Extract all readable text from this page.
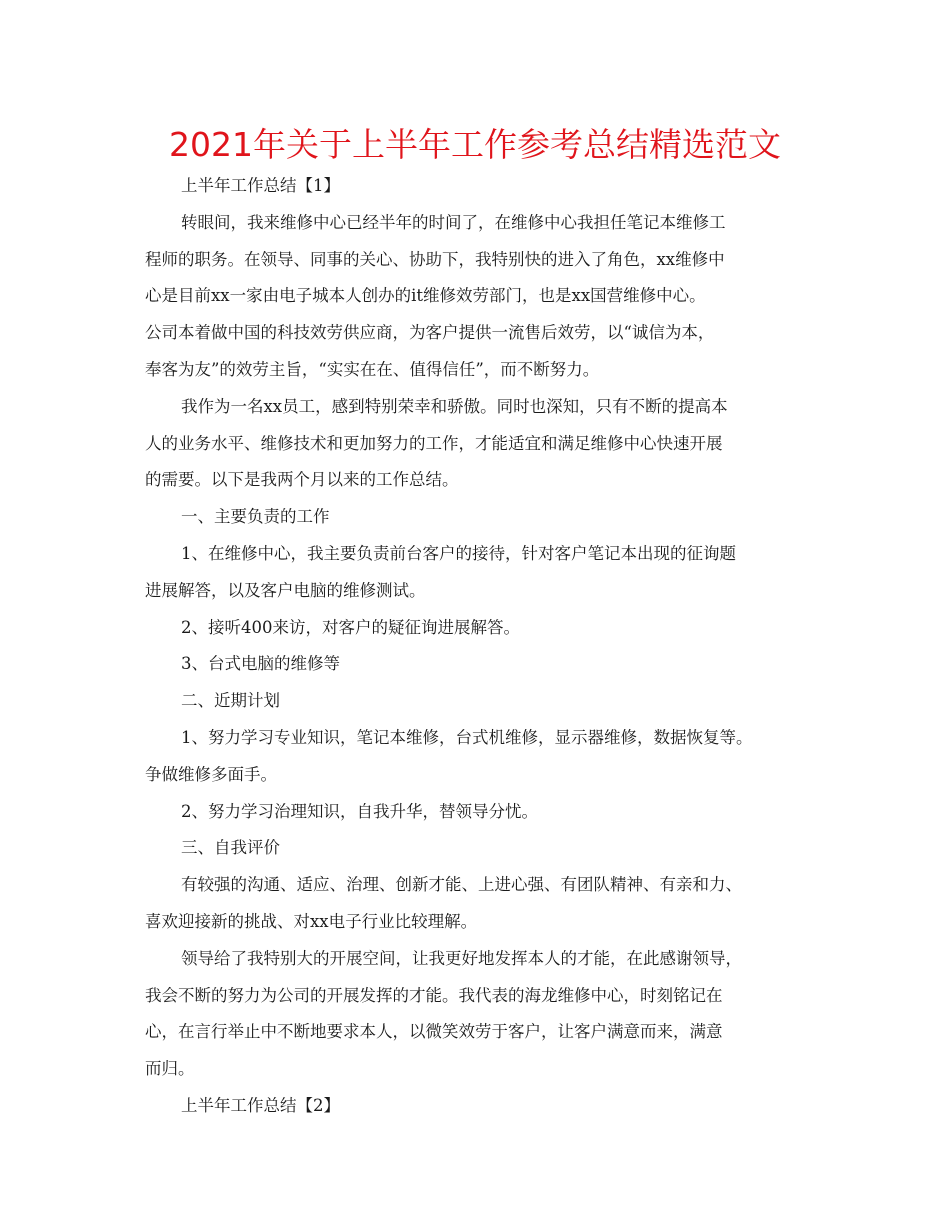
2021年关于上半年工作参考总结精选范文
上半年工作总结【1】
转眼间，我来维修中心已经半年的时间了，在维修中心我担任笔记本维修工
程师的职务。在领导、同事的关心、协助下，我特别快的进入了角色，xx维修中
心是目前xx一家由电子城本人创办的it维修效劳部门，也是xx国营维修中心。
公司本着做中国的科技效劳供应商，为客户提供一流售后效劳，以“诚信为本，
奉客为友”的效劳主旨，“实实在在、值得信任”，而不断努力。
我作为一名xx员工，感到特别荣幸和骄傲。同时也深知，只有不断的提高本
人的业务水平、维修技术和更加努力的工作，才能适宜和满足维修中心快速开展
的需要。以下是我两个月以来的工作总结。
一、主要负责的工作
1、在维修中心，我主要负责前台客户的接待，针对客户笔记本出现的征询题
进展解答，以及客户电脑的维修测试。
2、接听400来访，对客户的疑征询进展解答。
3、台式电脑的维修等
二、近期计划
1、努力学习专业知识，笔记本维修，台式机维修，显示器维修，数据恢复等。
争做维修多面手。
2、努力学习治理知识，自我升华，替领导分忧。
三、自我评价
有较强的沟通、适应、治理、创新才能、上进心强、有团队精神、有亲和力、
喜欢迎接新的挑战、对xx电子行业比较理解。
领导给了我特别大的开展空间，让我更好地发挥本人的才能，在此感谢领导，
我会不断的努力为公司的开展发挥的才能。我代表的海龙维修中心，时刻铭记在
心，在言行举止中不断地要求本人，以微笑效劳于客户，让客户满意而来，满意
而归。
上半年工作总结【2】
